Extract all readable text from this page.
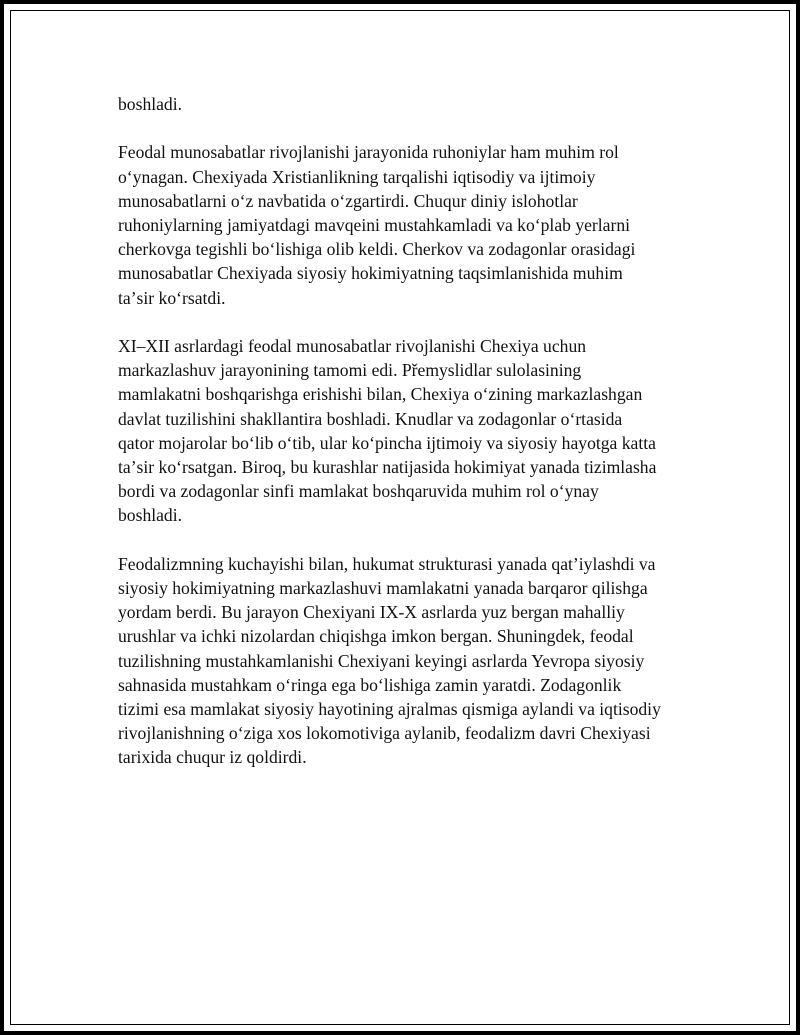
boshladi.
Feodal munosabatlar rivojlanishi jarayonida ruhoniylar ham muhim rol
oʻynagan. Chexiyada Xristianlikning tarqalishi iqtisodiy va ijtimoiy
munosabatlarni oʻz navbatida oʻzgartirdi. Chuqur diniy islohotlar
ruhoniylarning jamiyatdagi mavqeini mustahkamladi va koʻplab yerlarni
cherkovga tegishli boʻlishiga olib keldi. Cherkov va zodagonlar orasidagi
munosabatlar Chexiyada siyosiy hokimiyatning taqsimlanishida muhim
taʼsir koʻrsatdi.
XI–XII asrlardagi feodal munosabatlar rivojlanishi Chexiya uchun
markazlashuv jarayonining tamomi edi. Přemyslidlar sulolasining
mamlakatni boshqarishga erishishi bilan, Chexiya oʻzining markazlashgan
davlat tuzilishini shakllantira boshladi. Knudlar va zodagonlar oʻrtasida
qator mojarolar boʻlib oʻtib, ular koʻpincha ijtimoiy va siyosiy hayotga katta
taʼsir koʻrsatgan. Biroq, bu kurashlar natijasida hokimiyat yanada tizimlasha
bordi va zodagonlar sinfi mamlakat boshqaruvida muhim rol oʻynay
boshladi.
Feodalizmning kuchayishi bilan, hukumat strukturasi yanada qatʼiylashdi va
siyosiy hokimiyatning markazlashuvi mamlakatni yanada barqaror qilishga
yordam berdi. Bu jarayon Chexiyani IX-X asrlarda yuz bergan mahalliy
urushlar va ichki nizolardan chiqishga imkon bergan. Shuningdek, feodal
tuzilishning mustahkamlanishi Chexiyani keyingi asrlarda Yevropa siyosiy
sahnasida mustahkam oʻringa ega boʻlishiga zamin yaratdi. Zodagonlik
tizimi esa mamlakat siyosiy hayotining ajralmas qismiga aylandi va iqtisodiy
rivojlanishning oʻziga xos lokomotiviga aylanib, feodalizm davri Chexiyasi
tarixida chuqur iz qoldirdi.
